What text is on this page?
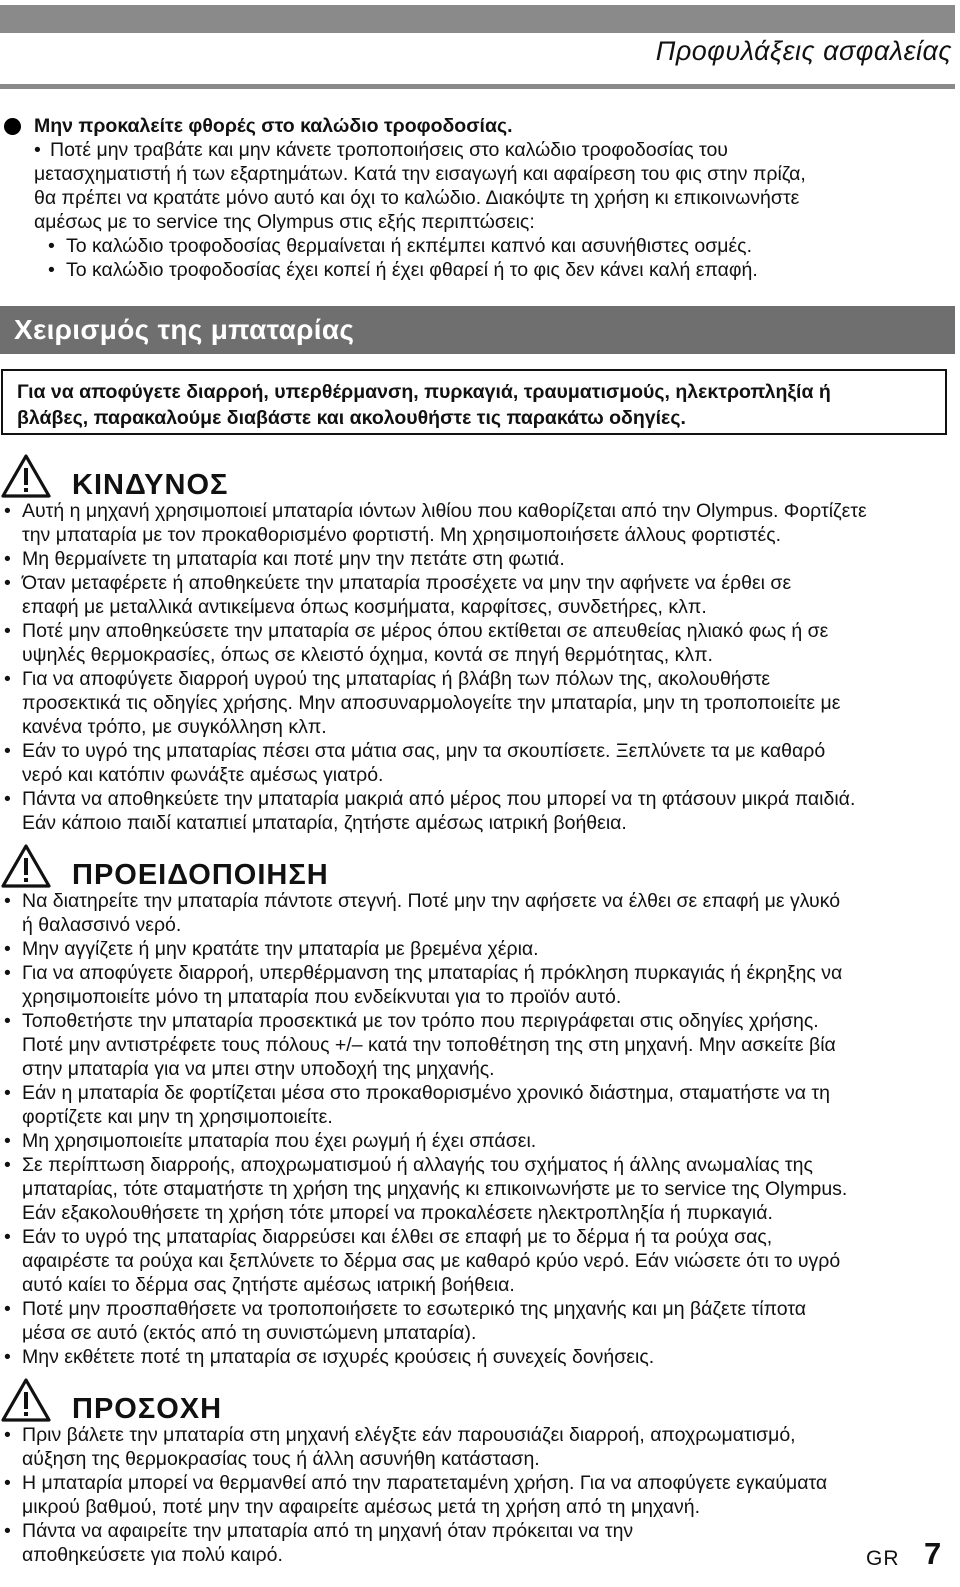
Προφυλάξεις ασφαλείας
Μην προκαλείτε φθορές στο καλώδιο τροφοδοσίας.
• Ποτέ μην τραβάτε και μην κάνετε τροποποιήσεις στο καλώδιο τροφοδοσίας του
μετασχηματιστή ή των εξαρτημάτων. Κατά την εισαγωγή και αφαίρεση του φις στην πρίζα,
θα πρέπει να κρατάτε μόνο αυτό και όχι το καλώδιο. Διακόψτε τη χρήση κι επικοινωνήστε
αμέσως με το service της Olympus στις εξής περιπτώσεις:
• Το καλώδιο τροφοδοσίας θερμαίνεται ή εκπέμπει καπνό και ασυνήθιστες οσμές.
• Το καλώδιο τροφοδοσίας έχει κοπεί ή έχει φθαρεί ή το φις δεν κάνει καλή επαφή.
Χειρισμός της μπαταρίας
Για να αποφύγετε διαρροή, υπερθέρμανση, πυρκαγιά, τραυματισμούς, ηλεκτροπληξία ή
βλάβες, παρακαλούμε διαβάστε και ακολουθήστε τις παρακάτω οδηγίες.
ΚΙΝΔΥΝΟΣ
• Αυτή η μηχανή χρησιμοποιεί μπαταρία ιόντων λιθίου που καθορίζεται από την Olympus. Φορτίζετε
την μπαταρία με τον προκαθορισμένο φορτιστή. Μη χρησιμοποιήσετε άλλους φορτιστές.
• Μη θερμαίνετε τη μπαταρία και ποτέ μην την πετάτε στη φωτιά.
• Όταν μεταφέρετε ή αποθηκεύετε την μπαταρία προσέχετε να μην την αφήνετε να έρθει σε
επαφή με μεταλλικά αντικείμενα όπως κοσμήματα, καρφίτσες, συνδετήρες, κλπ.
• Ποτέ μην αποθηκεύσετε την μπαταρία σε μέρος όπου εκτίθεται σε απευθείας ηλιακό φως ή σε
υψηλές θερμοκρασίες, όπως σε κλειστό όχημα, κοντά σε πηγή θερμότητας, κλπ.
• Για να αποφύγετε διαρροή υγρού της μπαταρίας ή βλάβη των πόλων της, ακολουθήστε
προσεκτικά τις οδηγίες χρήσης. Μην αποσυναρμολογείτε την μπαταρία, μην τη τροποποιείτε με
κανένα τρόπο, με συγκόλληση κλπ.
• Εάν το υγρό της μπαταρίας πέσει στα μάτια σας, μην τα σκουπίσετε. Ξεπλύνετε τα με καθαρό
νερό και κατόπιν φωνάξτε αμέσως γιατρό.
• Πάντα να αποθηκεύετε την μπαταρία μακριά από μέρος που μπορεί να τη φτάσουν μικρά παιδιά.
Εάν κάποιο παιδί καταπιεί μπαταρία, ζητήστε αμέσως ιατρική βοήθεια.
ΠΡΟΕΙΔΟΠΟΙΗΣΗ
• Να διατηρείτε την μπαταρία πάντοτε στεγνή. Ποτέ μην την αφήσετε να έλθει σε επαφή με γλυκό
ή θαλασσινό νερό.
• Μην αγγίζετε ή μην κρατάτε την μπαταρία με βρεμένα χέρια.
• Για να αποφύγετε διαρροή, υπερθέρμανση της μπαταρίας ή πρόκληση πυρκαγιάς ή έκρηξης να
χρησιμοποιείτε μόνο τη μπαταρία που ενδείκνυται για το προϊόν αυτό.
• Τοποθετήστε την μπαταρία προσεκτικά με τον τρόπο που περιγράφεται στις οδηγίες χρήσης.
Ποτέ μην αντιστρέφετε τους πόλους +/– κατά την τοποθέτηση της στη μηχανή. Μην ασκείτε βία
στην μπαταρία για να μπει στην υποδοχή της μηχανής.
• Εάν η μπαταρία δε φορτίζεται μέσα στο προκαθορισμένο χρονικό διάστημα, σταματήστε να τη
φορτίζετε και μην τη χρησιμοποιείτε.
• Μη χρησιμοποιείτε μπαταρία που έχει ρωγμή ή έχει σπάσει.
• Σε περίπτωση διαρροής, αποχρωματισμού ή αλλαγής του σχήματος ή άλλης ανωμαλίας της
μπαταρίας, τότε σταματήστε τη χρήση της μηχανής κι επικοινωνήστε με το service της Olympus.
Εάν εξακολουθήσετε τη χρήση τότε μπορεί να προκαλέσετε ηλεκτροπληξία ή πυρκαγιά.
• Εάν το υγρό της μπαταρίας διαρρεύσει και έλθει σε επαφή με το δέρμα ή τα ρούχα σας,
αφαιρέστε τα ρούχα και ξεπλύνετε το δέρμα σας με καθαρό κρύο νερό. Εάν νιώσετε ότι το υγρό
αυτό καίει το δέρμα σας ζητήστε αμέσως ιατρική βοήθεια.
• Ποτέ μην προσπαθήσετε να τροποποιήσετε το εσωτερικό της μηχανής και μη βάζετε τίποτα
μέσα σε αυτό (εκτός από τη συνιστώμενη μπαταρία).
• Μην εκθέτετε ποτέ τη μπαταρία σε ισχυρές κρούσεις ή συνεχείς δονήσεις.
ΠΡΟΣΟΧΗ
• Πριν βάλετε την μπαταρία στη μηχανή ελέγξτε εάν παρουσιάζει διαρροή, αποχρωματισμό,
αύξηση της θερμοκρασίας τους ή άλλη ασυνήθη κατάσταση.
• Η μπαταρία μπορεί να θερμανθεί από την παρατεταμένη χρήση. Για να αποφύγετε εγκαύματα
μικρού βαθμού, ποτέ μην την αφαιρείτε αμέσως μετά τη χρήση από τη μηχανή.
• Πάντα να αφαιρείτε την μπαταρία από τη μηχανή όταν πρόκειται να την
αποθηκεύσετε για πολύ καιρό.	GR 7
